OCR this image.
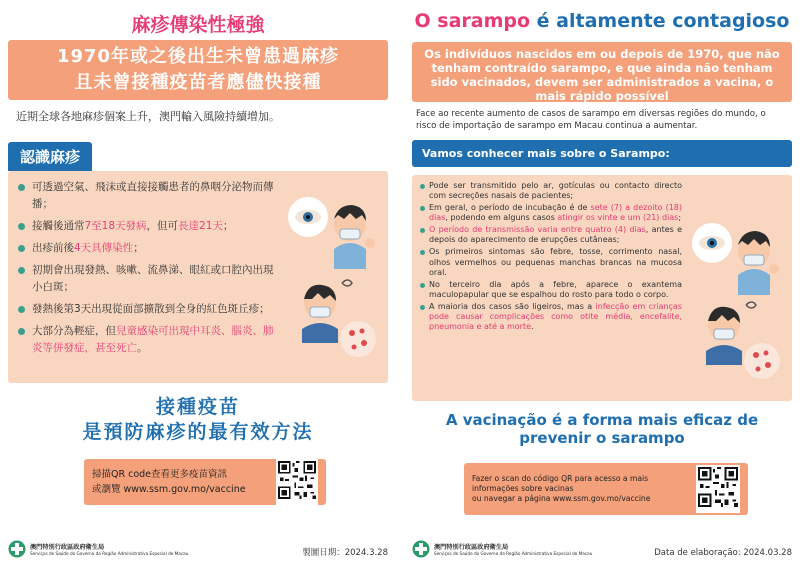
麻疹傳染性極強
1970年或之後出生未曾患過麻疹
且未曾接種疫苗者應儘快接種
近期全球各地麻疹個案上升，澳門輸入風險持續增加。
認識麻疹
可透過空氣、飛沫或直接接觸患者的鼻咽分泌物而傳播；
接觸後通常7至18天發病，但可長達21天；
出疹前後4天具傳染性；
初期會出現發熱、咳嗽、流鼻涕、眼紅或口腔內出現小白斑；
發熱後第3天出現從面部擴散到全身的紅色斑丘疹；
大部分為輕症，但兒童感染可出現中耳炎、腦炎、肺炎等併發症，甚至死亡。
接種疫苗
是預防麻疹的最有效方法
掃描QR code查看更多疫苗資訊
或瀏覽 www.ssm.gov.mo/vaccine
澳門特別行政區政府衛生局
Serviços de Saúde do Governo da Região Administrativa Especial de Macau	製圖日期：2024.3.28
O sarampo é altamente contagioso
Os indivíduos nascidos em ou depois de 1970, que não tenham contraído sarampo, e que ainda não tenham sido vacinados, devem ser administrados a vacina, o mais rápido possível
Face ao recente aumento de casos de sarampo em diversas regiões do mundo, o risco de importação de sarampo em Macau continua a aumentar.
Vamos conhecer mais sobre o Sarampo:
Pode ser transmitido pelo ar, gotículas ou contacto directo com secreções nasais de pacientes;
Em geral, o período de incubação é de sete (7) a dezoito (18) dias, podendo em alguns casos atingir os vinte e um (21) dias;
O período de transmissão varia entre quatro (4) dias, antes e depois do aparecimento de erupções cutâneas;
Os primeiros sintomas são febre, tosse, corrimento nasal, olhos vermelhos ou pequenas manchas brancas na mucosa oral.
No terceiro dia após a febre, aparece o exantema maculopapular que se espalhou do rosto para todo o corpo.
A maioria dos casos são ligeiros, mas a infecção em crianças pode causar complicações como otite média, encefalite, pneumonia e até a morte.
A vacinação é a forma mais eficaz de prevenir o sarampo
Fazer o scan do código QR para acesso a mais informações sobre vacinas
ou navegar a página www.ssm.gov.mo/vaccine
澳門特別行政區政府衛生局
Serviços de Saúde do Governo da Região Administrativa Especial de Macau	Data de elaboração: 2024.03.28
